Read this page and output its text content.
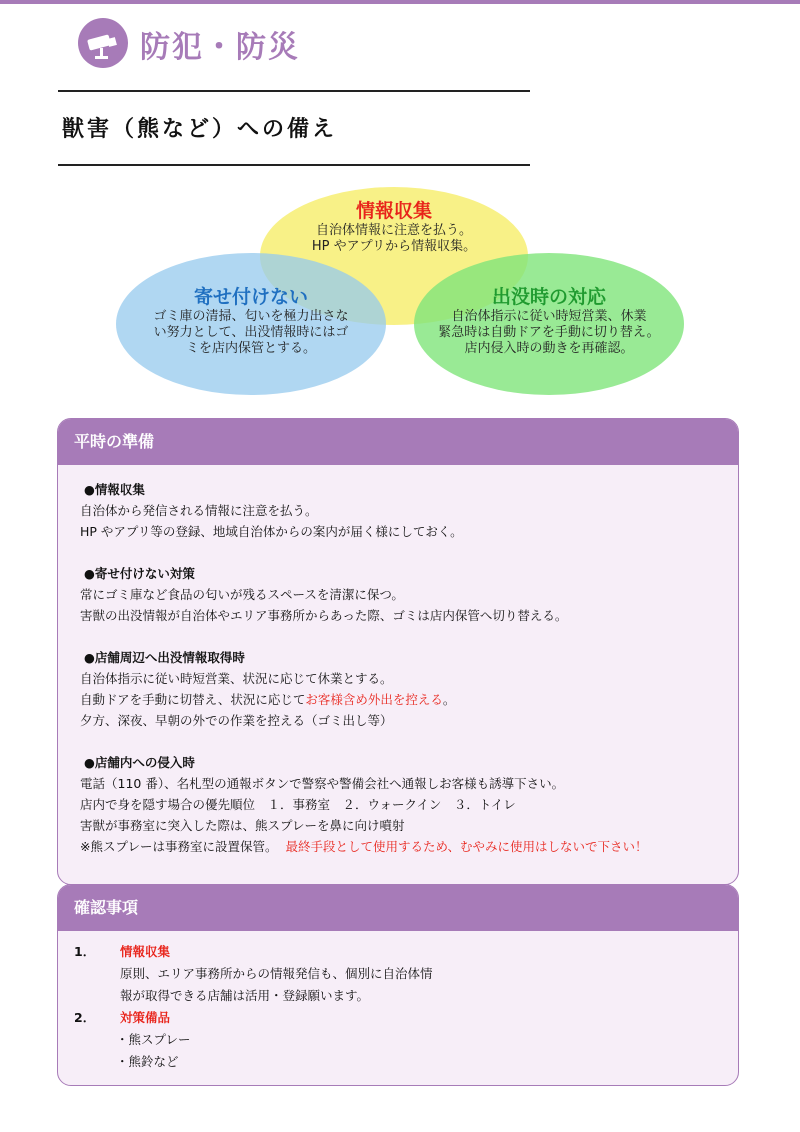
防犯・防災
獣害（熊など）への備え
情報収集
自治体情報に注意を払う。
HP やアプリから情報収集。
寄せ付けない
ゴミ庫の清掃、匂いを極力出さな
い努力として、出没情報時にはゴ
ミを店内保管とする。
出没時の対応
自治体指示に従い時短営業、休業
緊急時は自動ドアを手動に切り替え。
店内侵入時の動きを再確認。
平時の準備
●情報収集
自治体から発信される情報に注意を払う。
HP やアプリ等の登録、地域自治体からの案内が届く様にしておく。
●寄せ付けない対策
常にゴミ庫など食品の匂いが残るスペースを清潔に保つ。
害獣の出没情報が自治体やエリア事務所からあった際、ゴミは店内保管へ切り替える。
●店舗周辺へ出没情報取得時
自治体指示に従い時短営業、状況に応じて休業とする。
自動ドアを手動に切替え、状況に応じてお客様含め外出を控える。
夕方、深夜、早朝の外での作業を控える（ゴミ出し等）
●店舗内への侵入時
電話（110 番）、名札型の通報ボタンで警察や警備会社へ通報しお客様も誘導下さい。
店内で身を隠す場合の優先順位　１．事務室　２．ウォークイン　３．トイレ
害獣が事務室に突入した際は、熊スプレーを鼻に向け噴射
※熊スプレーは事務室に設置保管。 最終手段として使用するため、むやみに使用はしないで下さい！
確認事項
1． 情報収集
原則、エリア事務所からの情報発信も、個別に自治体情
報が取得できる店舗は活用・登録願います。
2． 対策備品
・熊スプレー
・熊鈴など
